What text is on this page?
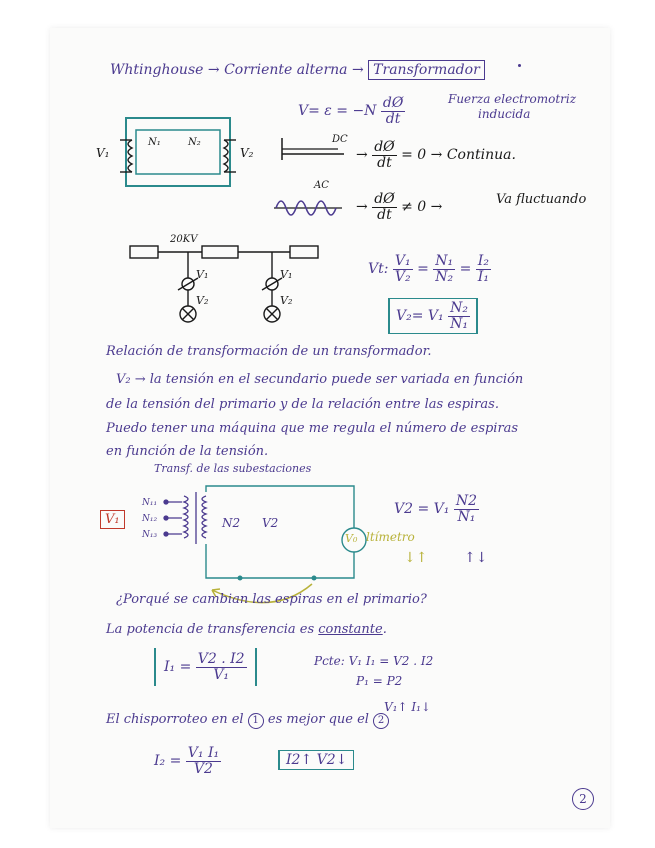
Whtinghouse → Corriente alterna → Transformador
$V= \varepsilon = -N \frac{dØ}{dt}$	Fuerza electromotriz
inducida
V₁
N₁	N₂
V₂
DC
→ $\frac{dØ}{dt} = 0$ → Continua.
AC
→ $\frac{dØ}{dt} \ne 0$ →	Va fluctuando
20KV
V₁
V₂
V₁
V₂
Vt: $\frac{\text{V₁}}{\text{V₂}} = \frac{\text{N₁}}{\text{N₂}} = \frac{\text{I₂}}{\text{I₁}}$
$V_2= V_1 \frac{\text{N₂}}{\text{N₁}}$
Relación de transformación de un transformador.
V₂ → la tensión en el secundario puede ser variada en función
de la tensión del primario y de la relación entre las espiras.
Puedo tener una máquina que me regula el número de espiras
en función de la tensión.
Transf. de las subestaciones
V₁
N₁₁
N₁₂
N₁₃
N2 V2
V₀ ltímetro
$V2 = V_1 \frac{N2}{\text{N₁}}$
↓↑	↑↓
¿Porqué se cambian las espiras en el primario?
La potencia de transferencia es constante.
$I_1 = \frac{V2 . I2}{\text{V₁}}$	Pcte: V₁ I₁ = V2 . I2
P₁ = P2
V₁↑ I₁↓
El chisporroteo en el 1 es mejor que el 2
$I_2 = \frac{\text{V₁ I₁}}{V2}$	I2↑ V2↓
2
